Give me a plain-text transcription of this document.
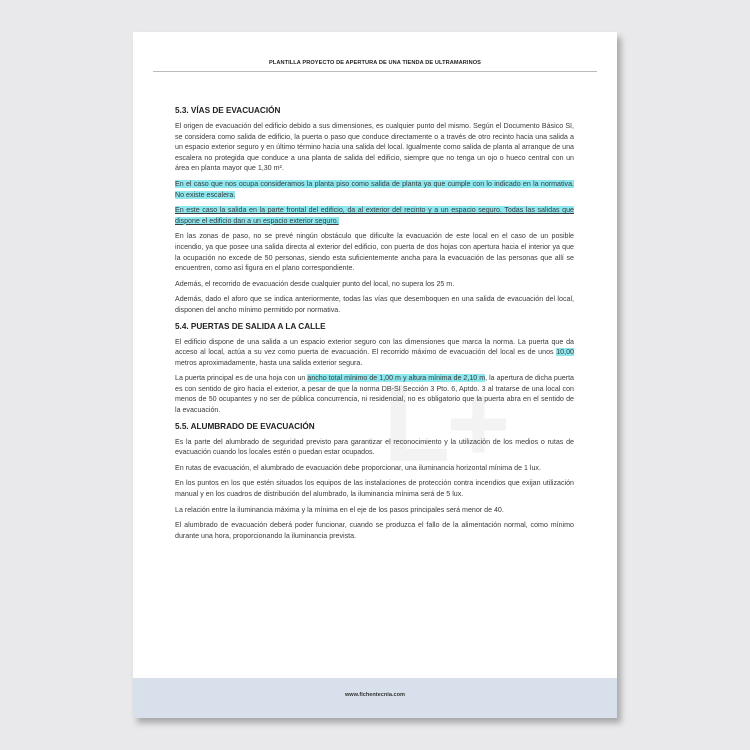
PLANTILLA PROYECTO DE APERTURA DE UNA TIENDA DE ULTRAMARINOS
5.3. VÍAS DE EVACUACIÓN

El origen de evacuación del edificio debido a sus dimensiones, es cualquier punto del mismo. Según el Documento Básico SI, se considera como salida de edificio, la puerta o paso que conduce directamente o a través de otro recinto hacia una salida a un espacio exterior seguro y en último término hacia una salida del local. Igualmente como salida de planta al arranque de una escalera no protegida que conduce a una planta de salida del edificio, siempre que no tenga un ojo o hueco central con un área en planta mayor que 1,30 m².

En el caso que nos ocupa consideramos la planta piso como salida de planta ya que cumple con lo indicado en la normativa. No existe escalera.

En este caso la salida en la parte frontal del edificio, da al exterior del recinto y a un espacio seguro. Todas las salidas que dispone el edificio dan a un espacio exterior seguro.

En las zonas de paso, no se prevé ningún obstáculo que dificulte la evacuación de este local en el caso de un posible incendio, ya que posee una salida directa al exterior del edificio, con puerta de dos hojas con apertura hacia el interior ya que la ocupación no excede de 50 personas, siendo esta suficientemente ancha para la evacuación de las personas que allí se encuentren, como así figura en el plano correspondiente.

Además, el recorrido de evacuación desde cualquier punto del local, no supera los 25 m.

Además, dado el aforo que se indica anteriormente, todas las vías que desemboquen en una salida de evacuación del local, disponen del ancho mínimo permitido por normativa.

5.4. PUERTAS DE SALIDA A LA CALLE

El edificio dispone de una salida a un espacio exterior seguro con las dimensiones que marca la norma. La puerta que da acceso al local, actúa a su vez como puerta de evacuación. El recorrido máximo de evacuación del local es de unos 10,00 metros aproximadamente, hasta una salida exterior segura.

La puerta principal es de una hoja con un ancho total mínimo de 1,00 m y altura mínima de 2,10 m, la apertura de dicha puerta es con sentido de giro hacia el exterior, a pesar de que la norma DB-SI Sección 3 Pto. 6, Aptdo. 3 al tratarse de una local con menos de 50 ocupantes y no ser de pública concurrencia, ni residencial, no es obligatorio que la puerta abra en el sentido de la evacuación.

5.5. ALUMBRADO DE EVACUACIÓN

Es la parte del alumbrado de seguridad previsto para garantizar el reconocimiento y la utilización de los medios o rutas de evacuación cuando los locales estén o puedan estar ocupados.

En rutas de evacuación, el alumbrado de evacuación debe proporcionar, una iluminancia horizontal mínima de 1 lux.

En los puntos en los que estén situados los equipos de las instalaciones de protección contra incendios que exijan utilización manual y en los cuadros de distribución del alumbrado, la iluminancia mínima será de 5 lux.

La relación entre la iluminancia máxima y la mínima en el eje de los pasos principales será menor de 40.

El alumbrado de evacuación deberá poder funcionar, cuando se produzca el fallo de la alimentación normal, como mínimo durante una hora, proporcionando la iluminancia prevista.

www.fichentecnia.com
